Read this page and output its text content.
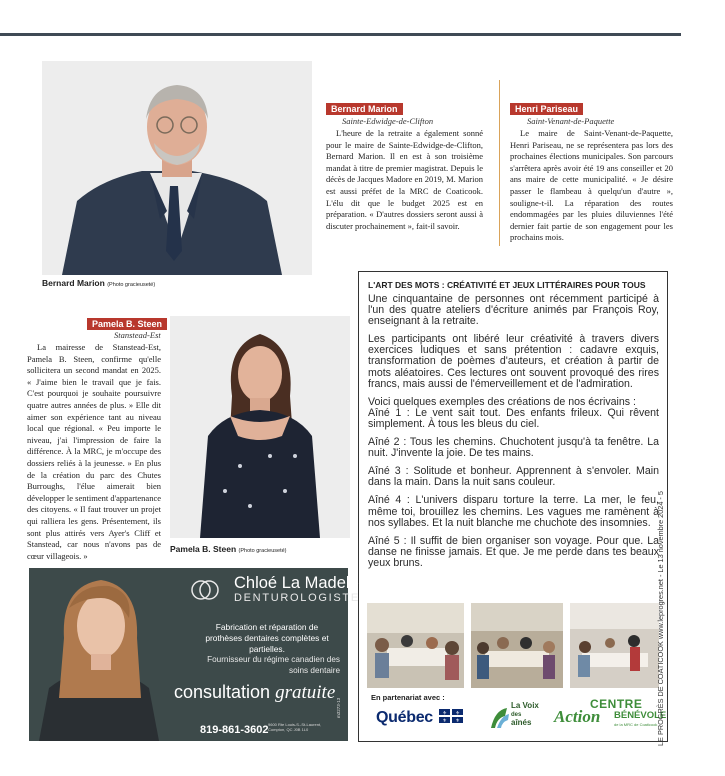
Bernard Marion (Photo gracieuseté)
Bernard Marion
Sainte-Edwidge-de-Clifton

L'heure de la retraite a également sonné pour le maire de Sainte-Edwidge-de-Clifton, Bernard Marion. Il en est à son troisième mandat à titre de premier magistrat. Depuis le décès de Jacques Madore en 2019, M. Marion est aussi préfet de la MRC de Coaticook. L'élu dit que le budget 2025 est en préparation. « D'autres dossiers seront aussi à discuter prochainement », fait-il savoir.

Henri Pariseau
Saint-Venant-de-Paquette

Le maire de Saint-Venant-de-Paquette, Henri Pariseau, ne se représentera pas lors des prochaines élections municipales. Son parcours s'arrêtera après avoir été 19 ans conseiller et 20 ans maire de cette municipalité. « Je désire passer le flambeau à quelqu'un d'autre », souligne-t-il. La réparation des routes endommagées par les pluies diluviennes l'été dernier fait partie de son engagement pour les prochains mois.

Pamela B. Steen
Stanstead-Est

La mairesse de Stanstead-Est, Pamela B. Steen, confirme qu'elle sollicitera un second mandat en 2025. « J'aime bien le travail que je fais. C'est pourquoi je souhaite poursuivre quatre autres années de plus. » Elle dit aimer son expérience tant au niveau local que régional. « Peu importe le niveau, j'ai l'impression de faire la différence. À la MRC, je m'occupe des dossiers reliés à la jeunesse. » En plus de la création du parc des Chutes Burroughs, l'élue aimerait bien développer le sentiment d'appartenance des citoyens. « Il faut trouver un projet qui ralliera les gens. Présentement, ils sont plus attirés vers Ayer's Cliff et Stanstead, car nous n'avons pas de cœur villageois. »

Pamela B. Steen (Photo gracieuseté)
L'ART DES MOTS : CRÉATIVITÉ ET JEUX LITTÉRAIRES POUR TOUS

Une cinquantaine de personnes ont récemment participé à l'un des quatre ateliers d'écriture animés par François Roy, enseignant à la retraite.

Les participants ont libéré leur créativité à travers divers exercices ludiques et sans prétention : cadavre exquis, transformation de poèmes d'auteurs, et création à partir de mots aléatoires. Ces lectures ont souvent provoqué des rires francs, mais aussi de l'émerveillement et de l'admiration.

Voici quelques exemples des créations de nos écrivains :

Aîné 1 : Le vent sait tout. Des enfants frileux. Qui rêvent simplement. À tous les bleus du ciel.

Aîné 2 : Tous les chemins. Chuchotent jusqu'à ta fenêtre. La nuit. J'invente la joie. De tes mains.

Aîné 3 : Solitude et bonheur. Apprennent à s'envoler. Main dans la main. Dans la nuit sans couleur.

Aîné 4 : L'univers disparu torture la terre. La mer, le feu, même toi, brouillez les chemins. Les vagues me ramènent à nos syllabes. Et la nuit blanche me chuchote des insomnies.

Aîné 5 : Il suffit de bien organiser son voyage. Pour que. La danse ne finisse jamais. Et que. Je me perde dans tes beaux yeux bruns.

En partenariat avec :
Québec ⚜ ⚜
⚜ ⚜
La Voix
des
aînés
CENTRE
Action BÉNÉVOLE
de la MRC de Coaticook
LE PROGRÈS DE COATICOOK www.leprogres.net - Le 13 novembre 2024 - 5
Chloé La Madeleine
DENTUROLOGISTE
Fabrication et réparation de prothèses dentaires complètes et partielles.
Fournisseur du régime canadien des soins dentaire
consultation gratuite
819-861-3602 9600 Rte Louis-S.-St-Laurent, Compton, QC J0B 1L0
m3273-13
